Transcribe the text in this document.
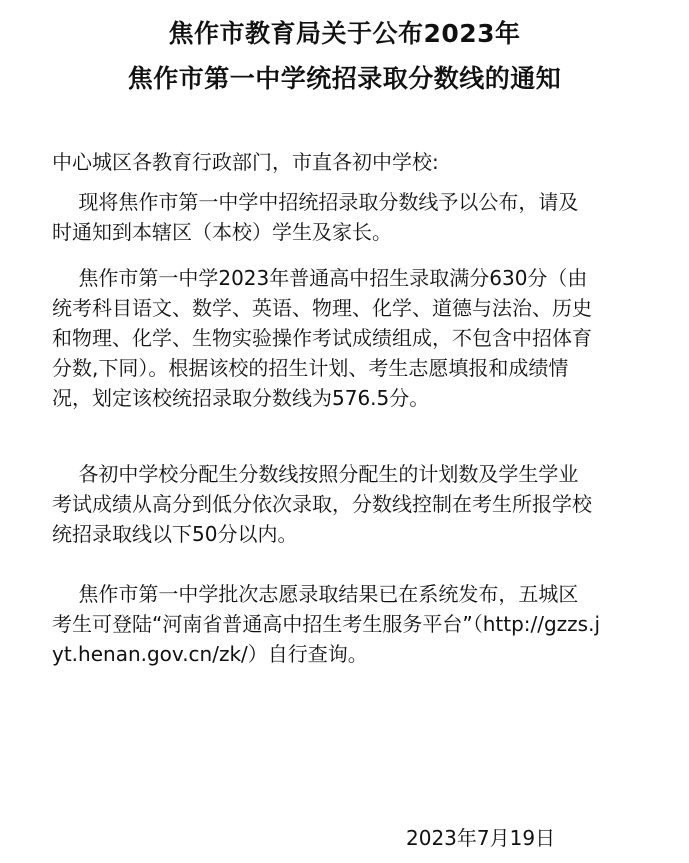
焦作市教育局关于公布2023年
焦作市第一中学统招录取分数线的通知
中心城区各教育行政部门，市直各初中学校:
　 现将焦作市第一中学中招统招录取分数线予以公布，请及
时通知到本辖区（本校）学生及家长。
　 焦作市第一中学2023年普通高中招生录取满分630分（由
统考科目语文、数学、英语、物理、化学、道德与法治、历史
和物理、化学、生物实验操作考试成绩组成，不包含中招体育
分数,下同）。根据该校的招生计划、考生志愿填报和成绩情
况，划定该校统招录取分数线为576.5分。
　 各初中学校分配生分数线按照分配生的计划数及学生学业
考试成绩从高分到低分依次录取，分数线控制在考生所报学校
统招录取线以下50分以内。
　 焦作市第一中学批次志愿录取结果已在系统发布，五城区
考生可登陆“河南省普通高中招生考生服务平台”（http://gzzs.j
yt.henan.gov.cn/zk/）自行查询。
2023年7月19日
